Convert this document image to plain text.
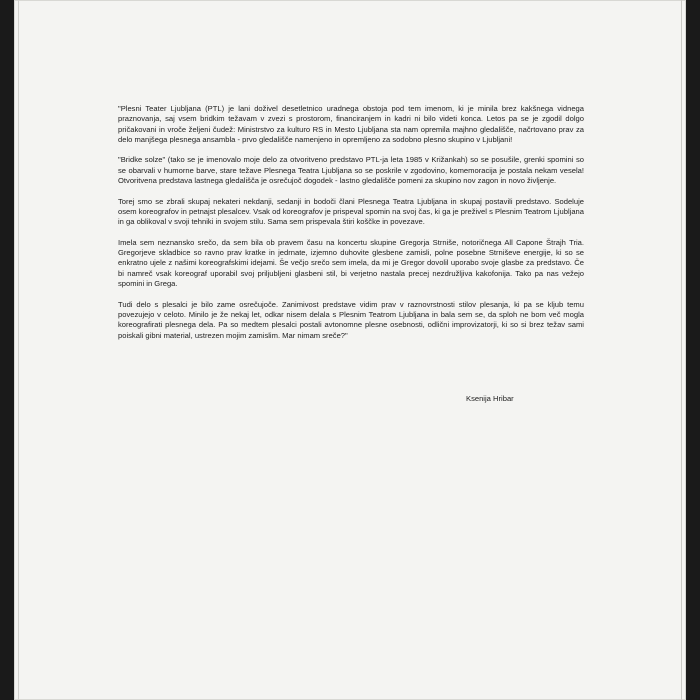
"Plesni Teater Ljubljana (PTL) je lani doživel desetletnico uradnega obstoja pod tem imenom, ki je minila brez kakšnega vidnega praznovanja, saj vsem bridkim težavam v zvezi s prostorom, financiranjem in kadri ni bilo videti konca. Letos pa se je zgodil dolgo pričakovani in vroče željeni čudež: Ministrstvo za kulturo RS in Mesto Ljubljana sta nam opremila majhno gledališče, načrtovano prav za delo manjšega plesnega ansambla - prvo gledališče namenjeno in opremljeno za sodobno plesno skupino v Ljubljani!

"Bridke solze" (tako se je imenovalo moje delo za otvoritveno predstavo PTL-ja leta 1985 v Križankah) so se posušile, grenki spomini so se obarvali v humorne barve, stare težave Plesnega Teatra Ljubljana so se poskrile v zgodovino, komemoracija je postala nekam vesela! Otvoritvena predstava lastnega gledališča je osrečujoč dogodek - lastno gledališče pomeni za skupino nov zagon in novo življenje.

Torej smo se zbrali skupaj nekateri nekdanji, sedanji in bodoči člani Plesnega Teatra Ljubljana in skupaj postavili predstavo. Sodeluje osem koreografov in petnajst plesalcev. Vsak od koreografov je prispeval spomin na svoj čas, ki ga je preživel s Plesnim Teatrom Ljubljana in ga oblikoval v svoji tehniki in svojem stilu. Sama sem prispevala štiri koščke in povezave.

Imela sem neznansko srečo, da sem bila ob pravem času na koncertu skupine Gregorja Strniše, notoričnega All Capone Štrajh Tria. Gregorjeve skladbice so ravno prav kratke in jedrnate, izjemno duhovite glesbene zamisli, polne posebne Strniševe energije, ki so se enkratno ujele z našimi koreografskimi idejami. Še večjo srečo sem imela, da mi je Gregor dovolil uporabo svoje glasbe za predstavo. Če bi namreč vsak koreograf uporabil svoj priljubljeni glasbeni stil, bi verjetno nastala precej nezdružljiva kakofonija. Tako pa nas vežejo spomini in Grega.

Tudi delo s plesalci je bilo zame osrečujoče. Zanimivost predstave vidim prav v raznovrstnosti stilov plesanja, ki pa se kljub temu povezujejo v celoto. Minilo je že nekaj let, odkar nisem delala s Plesnim Teatrom Ljubljana in bala sem se, da sploh ne bom več mogla koreografirati plesnega dela. Pa so medtem plesalci postali avtonomne plesne osebnosti, odlični improvizatorji, ki so si brez težav sami poiskali gibni material, ustrezen mojim zamislim. Mar nimam sreče?"

Ksenija Hribar
